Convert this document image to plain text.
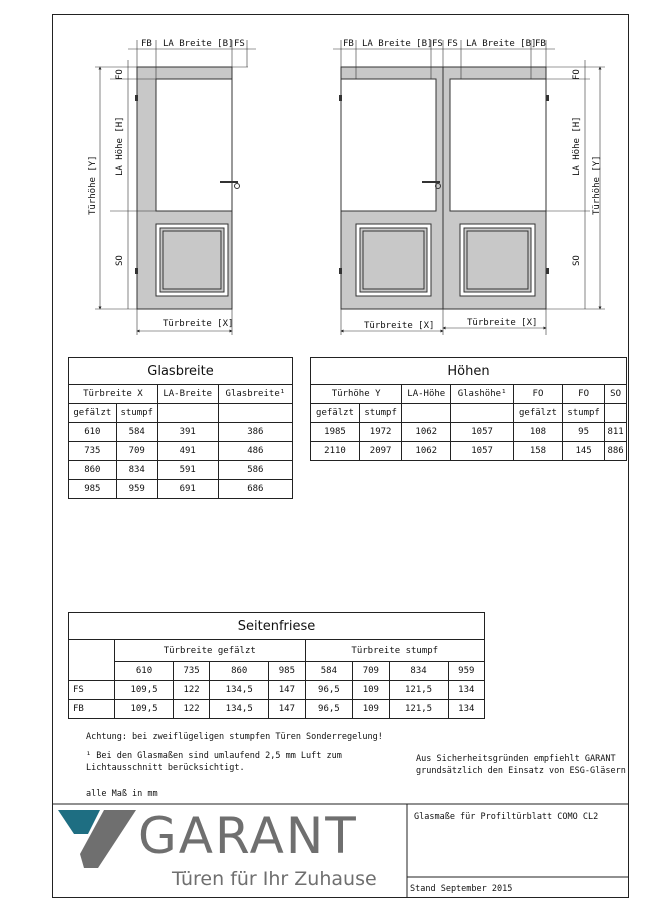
FB LA Breite [B] FS	FB LA Breite [B] FS FS LA Breite [B]
FB
Türbreite [X]	Türbreite [X]	Türbreite [X]
FO
LA Höhe [H]
Türhöhe [Y]
SO
FO
LA Höhe [H]
Türhöhe [Y]
SO
Glasbreite			
Türbreite X		LA-Breite	Glasbreite¹
gefälzt	stumpf		
610	584	391	386
735	709	491	486
860	834	591	586
985	959	691	686
Höhen						
Türhöhe Y		LA-Höhe	Glashöhe¹	FO	FO	SO
gefälzt	stumpf			gefälzt	stumpf	
1985	1972	1062	1057	108	95	811
2110	2097	1062	1057	158	145	886
Seitenfriese								
	Türbreite gefälzt				Türbreite stumpf			
	610	735	860	985	584	709	834	959
FS	109,5	122	134,5	147	96,5	109	121,5	134
FB	109,5	122	134,5	147	96,5	109	121,5	134
Achtung: bei zweiflügeligen stumpfen Türen Sonderregelung!
¹ Bei den Glasmaßen sind umlaufend 2,5 mm Luft zum
Lichtausschnitt berücksichtigt.
alle Maß in mm
Aus Sicherheitsgründen empfiehlt GARANT
grundsätzlich den Einsatz von ESG-Gläsern
GARANT
Türen für Ihr Zuhause
Glasmaße für Profiltürblatt COMO CL2
Stand September 2015
